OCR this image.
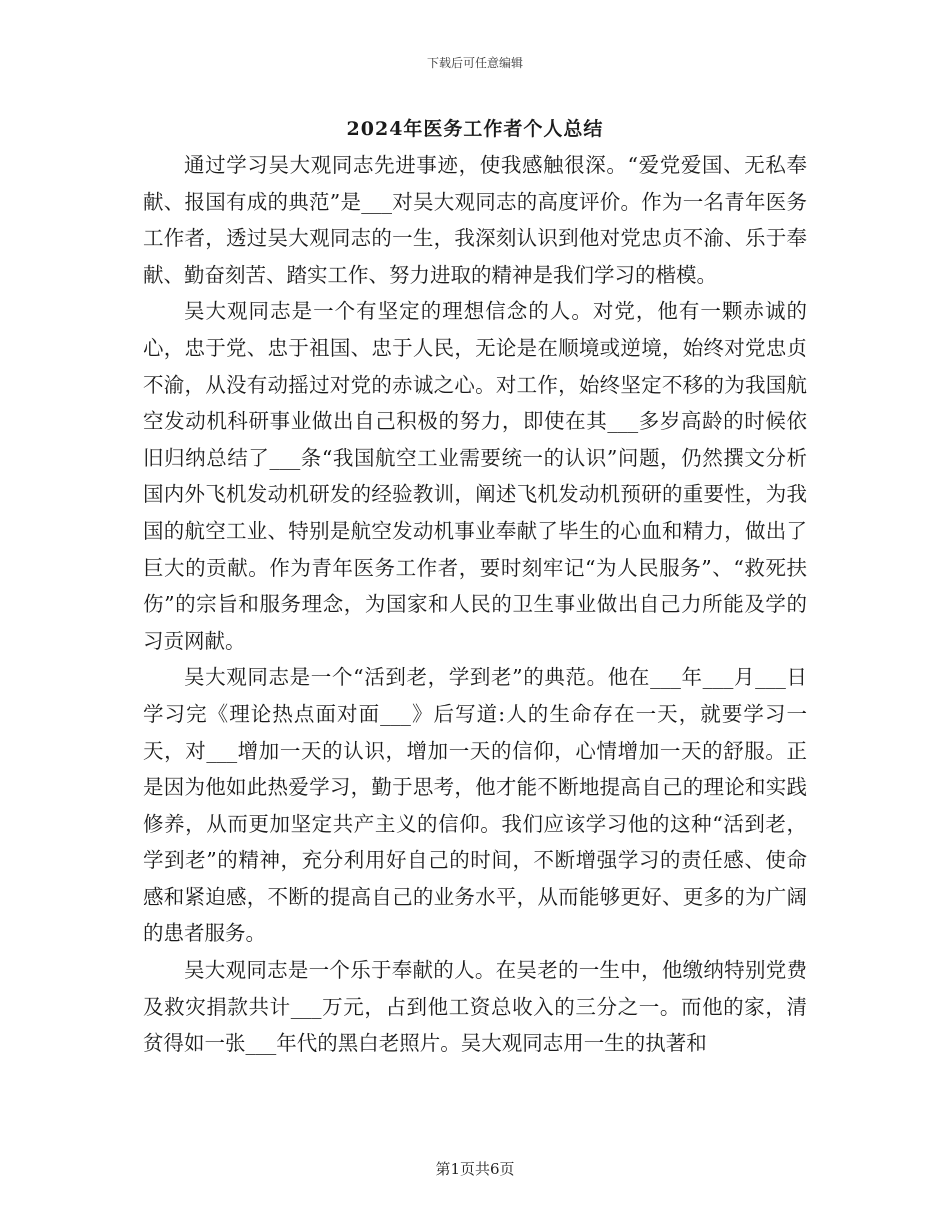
下载后可任意编辑
2024年医务工作者个人总结

通过学习吴大观同志先进事迹，使我感触很深。“爱党爱国、无私奉献、报国有成的典范”是___对吴大观同志的高度评价。作为一名青年医务工作者，透过吴大观同志的一生，我深刻认识到他对党忠贞不渝、乐于奉献、勤奋刻苦、踏实工作、努力进取的精神是我们学习的楷模。

吴大观同志是一个有坚定的理想信念的人。对党，他有一颗赤诚的心，忠于党、忠于祖国、忠于人民，无论是在顺境或逆境，始终对党忠贞不渝，从没有动摇过对党的赤诚之心。对工作，始终坚定不移的为我国航空发动机科研事业做出自己积极的努力，即使在其___多岁高龄的时候依旧归纳总结了___条“我国航空工业需要统一的认识”问题，仍然撰文分析国内外飞机发动机研发的经验教训，阐述飞机发动机预研的重要性，为我国的航空工业、特别是航空发动机事业奉献了毕生的心血和精力，做出了巨大的贡献。作为青年医务工作者，要时刻牢记“为人民服务”、“救死扶伤”的宗旨和服务理念，为国家和人民的卫生事业做出自己力所能及学的习贡网献。

吴大观同志是一个“活到老，学到老”的典范。他在___年___月___日学习完《理论热点面对面___》后写道:人的生命存在一天，就要学习一天，对___增加一天的认识，增加一天的信仰，心情增加一天的舒服。正是因为他如此热爱学习，勤于思考，他才能不断地提高自己的理论和实践修养，从而更加坚定共产主义的信仰。我们应该学习他的这种“活到老，学到老”的精神，充分利用好自己的时间，不断增强学习的责任感、使命感和紧迫感，不断的提高自己的业务水平，从而能够更好、更多的为广阔的患者服务。

吴大观同志是一个乐于奉献的人。在吴老的一生中，他缴纳特别党费及救灾捐款共计___万元，占到他工资总收入的三分之一。而他的家，清贫得如一张___年代的黑白老照片。吴大观同志用一生的执著和

第1页共6页
